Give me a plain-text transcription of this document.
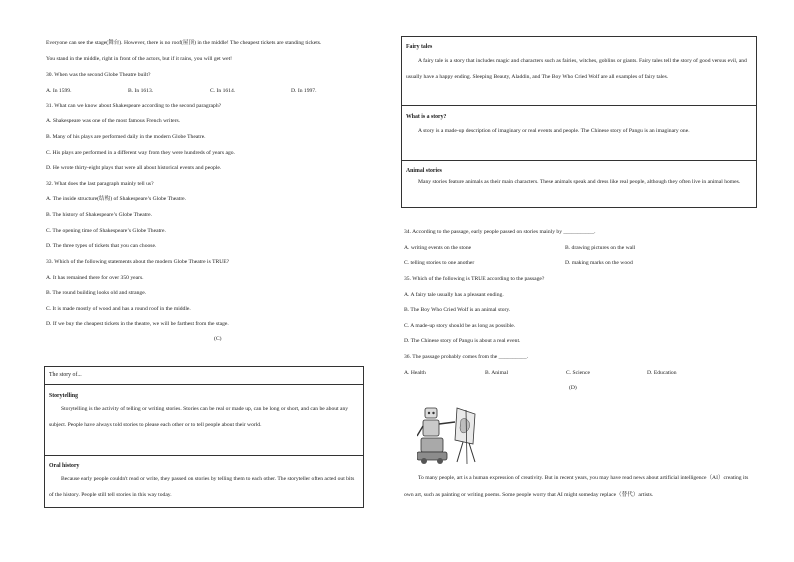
Everyone can see the stage(舞台). However, there is no roof(屋顶) in the middle! The cheapest tickets are standing tickets.
You stand in the middle, right in front of the actors, but if it rains, you will get wet!
30. When was the second Globe Theatre built?
A. In 1599.	B. In 1613.	C. In 1614.	D. In 1997.
31. What can we know about Shakespeare according to the second paragraph?
A. Shakespeare was one of the most famous French writers.
B. Many of his plays are performed daily in the modern Globe Theatre.
C. His plays are performed in a different way from they were hundreds of years ago.
D. He wrote thirty-eight plays that were all about historical events and people.
32. What does the last paragraph mainly tell us?
A. The inside structure(结构) of Shakespeare’s Globe Theatre.
B. The history of Shakespeare’s Globe Theatre.
C. The opening time of Shakespeare’s Globe Theatre.
D. The three types of tickets that you can choose.
33. Which of the following statements about the modern Globe Theatre is TRUE?
A. It has remained there for over 350 years.
B. The round building looks old and strange.
C. It is made mostly of wood and has a round roof in the middle.
D. If we buy the cheapest tickets in the theatre, we will be farthest from the stage.
(C)
The story of...
Storytelling
Storytelling is the activity of telling or writing stories. Stories can be real or made up, can be long or short, and can be about any subject. People have always told stories to please each other or to tell people about their world.
Oral history
Because early people couldn't read or write, they passed on stories by telling them to each other. The storyteller often acted out bits of the history. People still tell stories in this way today.
Fairy tales
A fairy tale is a story that includes magic and characters such as fairies, witches, goblins or giants. Fairy tales tell the story of good versus evil, and usually have a happy ending. Sleeping Beauty, Aladdin, and The Boy Who Cried Wolf are all examples of fairy tales.
What is a story?
A story is a made-up description of imaginary or real events and people. The Chinese story of Pangu is an imaginary one.
Animal stories
Many stories feature animals as their main characters. These animals speak and dress like real people, although they often live in animal homes.
34. According to the passage, early people passed on stories mainly by ___________.
A. writing events on the stone	B. drawing pictures on the wall
C. telling stories to one another	D. making marks on the wood
35. Which of the following is TRUE according to the passage?
A. A fairy tale usually has a pleasant ending.
B. The Boy Who Cried Wolf is an animal story.
C. A made-up story should be as long as possible.
D. The Chinese story of Pangu is about a real event.
36. The passage probably comes from the __________.
A. Health	B. Animal	C. Science	D. Education
(D)
To many people, art is a human expression of creativity. But in recent years, you may have read news about artificial intelligence（AI）creating its own art, such as painting or writing poems. Some people worry that AI might someday replace（替代）artists.
